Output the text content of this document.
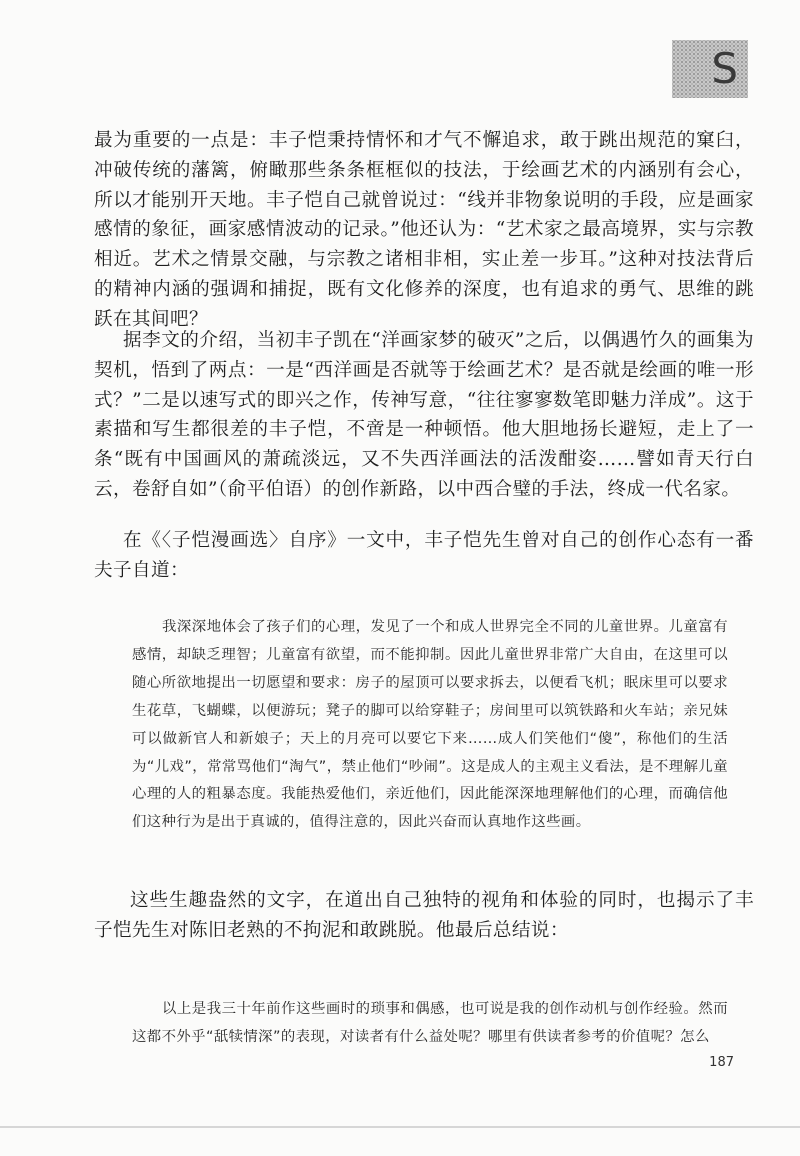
S

最为重要的一点是：丰子恺秉持情怀和才气不懈追求，敢于跳出规范的窠臼，冲破传统的藩篱，俯瞰那些条条框框似的技法，于绘画艺术的内涵别有会心，所以才能别开天地。丰子恺自己就曾说过：“线并非物象说明的手段，应是画家感情的象征，画家感情波动的记录。”他还认为：“艺术家之最高境界，实与宗教相近。艺术之情景交融，与宗教之诸相非相，实止差一步耳。”这种对技法背后的精神内涵的强调和捕捉，既有文化修养的深度，也有追求的勇气、思维的跳跃在其间吧？

据李文的介绍，当初丰子凯在“洋画家梦的破灭”之后，以偶遇竹久的画集为契机，悟到了两点：一是“西洋画是否就等于绘画艺术？是否就是绘画的唯一形式？”二是以速写式的即兴之作，传神写意，“往往寥寥数笔即魅力洋成”。这于素描和写生都很差的丰子恺，不啻是一种顿悟。他大胆地扬长避短，走上了一条“既有中国画风的萧疏淡远，又不失西洋画法的活泼酣姿……譬如青天行白云，卷舒自如”（俞平伯语）的创作新路，以中西合璧的手法，终成一代名家。

在《〈子恺漫画选〉自序》一文中，丰子恺先生曾对自己的创作心态有一番夫子自道：

我深深地体会了孩子们的心理，发见了一个和成人世界完全不同的儿童世界。儿童富有感情，却缺乏理智；儿童富有欲望，而不能抑制。因此儿童世界非常广大自由，在这里可以随心所欲地提出一切愿望和要求：房子的屋顶可以要求拆去，以便看飞机；眠床里可以要求生花草，飞蝴蝶，以便游玩；凳子的脚可以给穿鞋子；房间里可以筑铁路和火车站；亲兄妹可以做新官人和新娘子；天上的月亮可以要它下来……成人们笑他们“傻”，称他们的生活为“儿戏”，常常骂他们“淘气”，禁止他们“吵闹”。这是成人的主观主义看法，是不理解儿童心理的人的粗暴态度。我能热爱他们，亲近他们，因此能深深地理解他们的心理，而确信他们这种行为是出于真诚的，值得注意的，因此兴奋而认真地作这些画。

这些生趣盎然的文字，在道出自己独特的视角和体验的同时，也揭示了丰子恺先生对陈旧老熟的不拘泥和敢跳脱。他最后总结说：

以上是我三十年前作这些画时的琐事和偶感，也可说是我的创作动机与创作经验。然而这都不外乎“舐犊情深”的表现，对读者有什么益处呢？哪里有供读者参考的价值呢？怎么

187
